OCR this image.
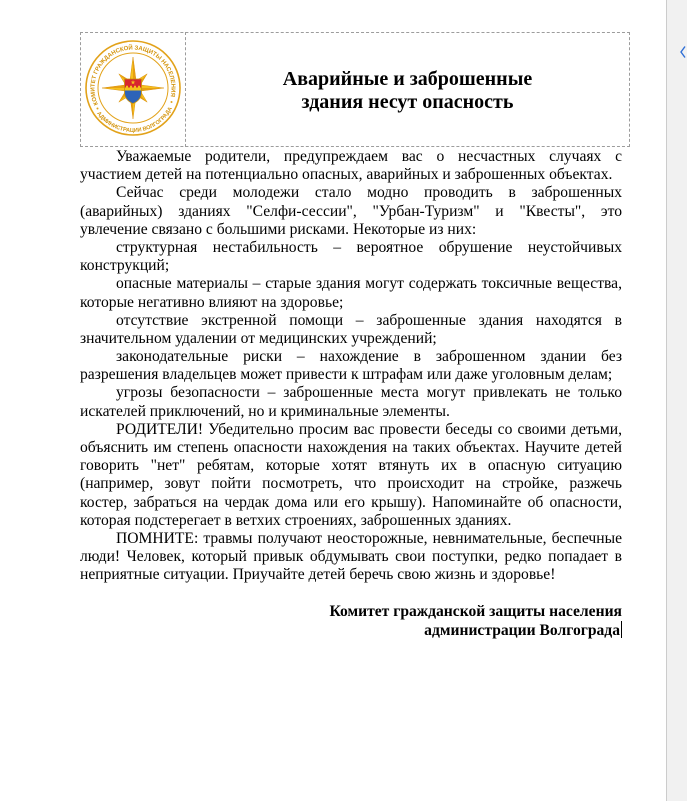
КОМИТЕТ ГРАЖДАНСКОЙ ЗАЩИТЫ НАСЕЛЕНИЯ
АДМИНИСТРАЦИИ ВОЛГОГРАДА
Аварийные и заброшенные
здания несут опасность
Уважаемые родители, предупреждаем вас о несчастных случаях с
участием детей на потенциально опасных, аварийных и заброшенных объектах.
Сейчас среди молодежи стало модно проводить в заброшенных
(аварийных) зданиях "Селфи-сессии", "Урбан-Туризм" и "Квесты", это
увлечение связано с большими рисками. Некоторые из них:
структурная нестабильность – вероятное обрушение неустойчивых
конструкций;
опасные материалы – старые здания могут содержать токсичные вещества,
которые негативно влияют на здоровье;
отсутствие экстренной помощи – заброшенные здания находятся в
значительном удалении от медицинских учреждений;
законодательные риски – нахождение в заброшенном здании без
разрешения владельцев может привести к штрафам или даже уголовным делам;
угрозы безопасности – заброшенные места могут привлекать не только
искателей приключений, но и криминальные элементы.
РОДИТЕЛИ! Убедительно просим вас провести беседы со своими детьми,
объяснить им степень опасности нахождения на таких объектах. Научите детей
говорить "нет" ребятам, которые хотят втянуть их в опасную ситуацию
(например, зовут пойти посмотреть, что происходит на стройке, разжечь
костер, забраться на чердак дома или его крышу). Напоминайте об опасности,
которая подстерегает в ветхих строениях, заброшенных зданиях.
ПОМНИТЕ: травмы получают неосторожные, невнимательные, беспечные
люди! Человек, который привык обдумывать свои поступки, редко попадает в
неприятные ситуации. Приучайте детей беречь свою жизнь и здоровье!
Комитет гражданской защиты населения
администрации Волгограда
